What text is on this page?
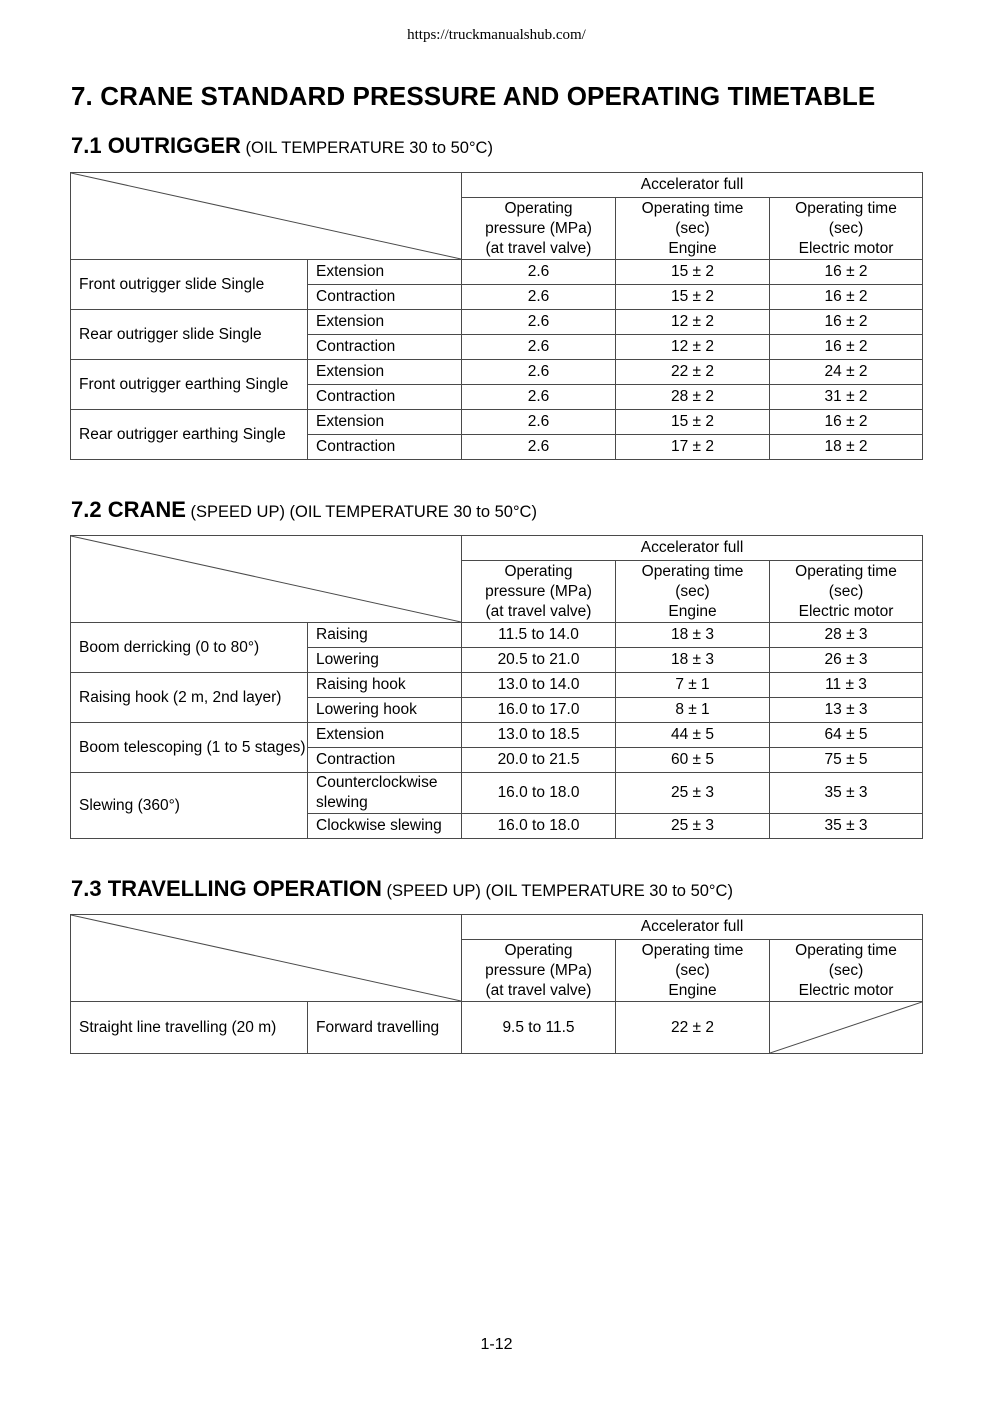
https://truckmanualshub.com/
7. CRANE STANDARD PRESSURE AND OPERATING TIMETABLE
7.1 OUTRIGGER (OIL TEMPERATURE 30 to 50°C)
	Accelerator full		
		Operating
pressure (MPa)
(at travel valve)	Operating time
(sec)
Engine	Operating time
(sec)
Electric motor
Front outrigger slide Single	Extension	2.6	15 ± 2	16 ± 2
	Contraction	2.6	15 ± 2	16 ± 2
Rear outrigger slide Single	Extension	2.6	12 ± 2	16 ± 2
	Contraction	2.6	12 ± 2	16 ± 2
Front outrigger earthing Single	Extension	2.6	22 ± 2	24 ± 2
	Contraction	2.6	28 ± 2	31 ± 2
Rear outrigger earthing Single	Extension	2.6	15 ± 2	16 ± 2
	Contraction	2.6	17 ± 2	18 ± 2
7.2 CRANE (SPEED UP) (OIL TEMPERATURE 30 to 50°C)
	Accelerator full		
		Operating
pressure (MPa)
(at travel valve)	Operating time
(sec)
Engine	Operating time
(sec)
Electric motor
Boom derricking (0 to 80°)	Raising	11.5 to 14.0	18 ± 3	28 ± 3
	Lowering	20.5 to 21.0	18 ± 3	26 ± 3
Raising hook (2 m, 2nd layer)	Raising hook	13.0 to 14.0	7 ± 1	11 ± 3
	Lowering hook	16.0 to 17.0	8 ± 1	13 ± 3
Boom telescoping (1 to 5 stages)	Extension	13.0 to 18.5	44 ± 5	64 ± 5
	Contraction	20.0 to 21.5	60 ± 5	75 ± 5
Slewing (360°)	Counterclockwise slewing	16.0 to 18.0	25 ± 3	35 ± 3
	Clockwise slewing	16.0 to 18.0	25 ± 3	35 ± 3
7.3 TRAVELLING OPERATION (SPEED UP) (OIL TEMPERATURE 30 to 50°C)
	Accelerator full		
		Operating
pressure (MPa)
(at travel valve)	Operating time
(sec)
Engine	Operating time
(sec)
Electric motor
Straight line travelling (20 m)	Forward travelling	9.5 to 11.5	22 ± 2	
1-12
